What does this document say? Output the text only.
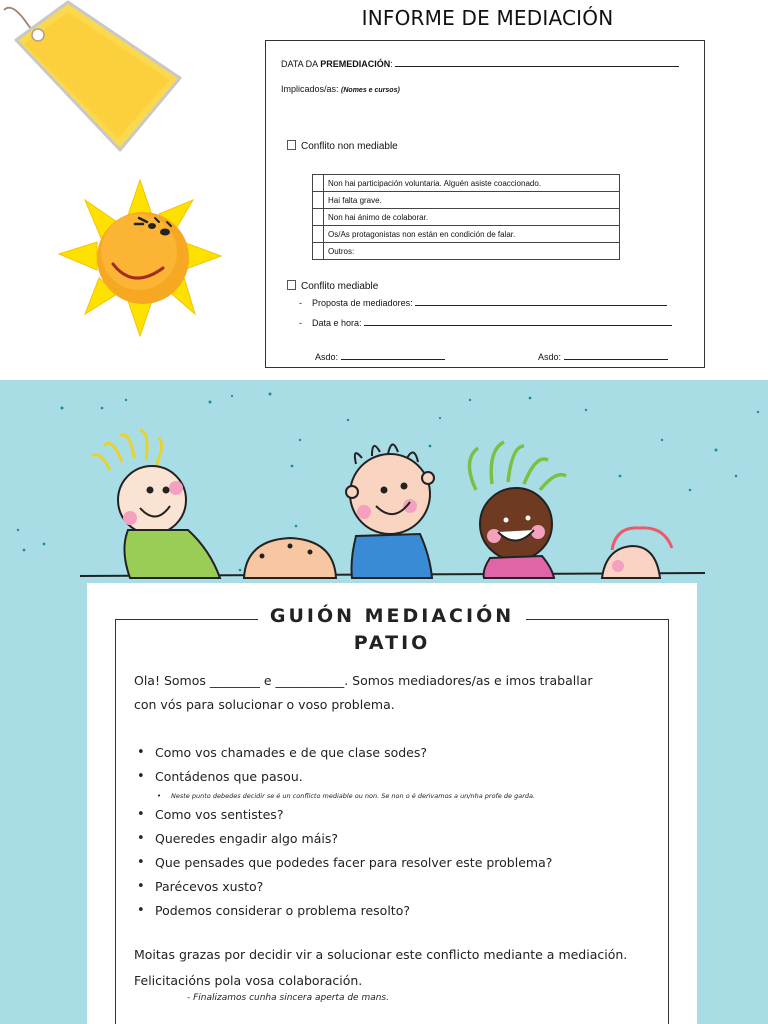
INFORME DE MEDIACIÓN
DATA DA PREMEDIACIÓN:
Implicados/as: (Nomes e cursos)
Conflito non mediable
	Non hai participación voluntaria. Alguén asiste coaccionado.
	Hai falta grave.
	Non hai ánimo de colaborar.
	Os/As protagonistas non están en condición de falar.
	Outros:
Conflito mediable
- Proposta de mediadores:
- Data e hora:
Asdo:	Asdo:
GUIÓN MEDIACIÓN
PATIO
Ola! Somos ________ e ___________. Somos mediadores/as e imos traballar
con vós para solucionar o voso problema.
• Como vos chamades e de que clase sodes?
• Contádenos que pasou.
• Neste punto debedes decidir se é un conflicto mediable ou non. Se non o é derivamos a un/nha profe de garda.
• Como vos sentistes?
• Queredes engadir algo máis?
• Que pensades que podedes facer para resolver este problema?
• Parécevos xusto?
• Podemos considerar o problema resolto?
Moitas grazas por decidir vir a solucionar este conflicto mediante a mediación.
Felicitacións pola vosa colaboración.
- Finalizamos cunha sincera aperta de mans.
